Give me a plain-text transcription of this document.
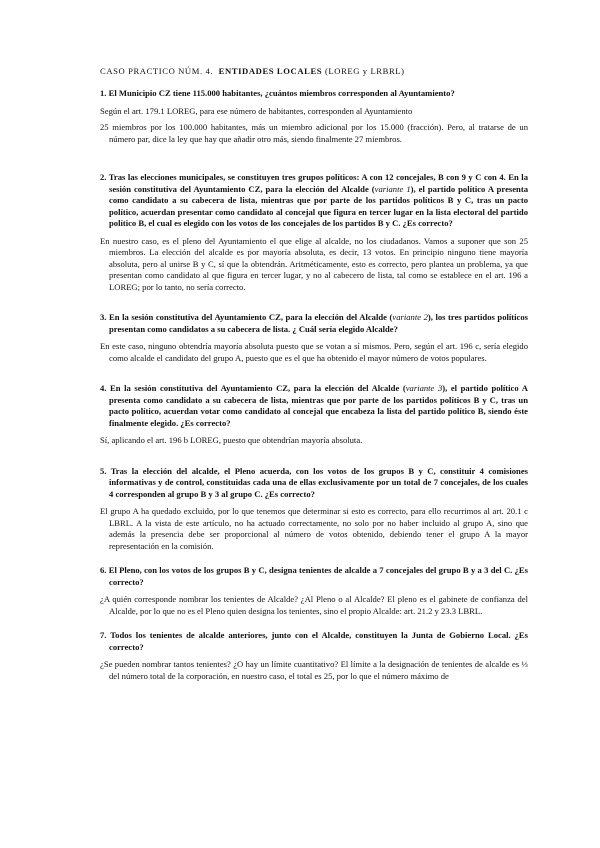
CASO PRACTICO NÚM. 4. ENTIDADES LOCALES (LOREG y LRBRL)

1. El Municipio CZ tiene 115.000 habitantes, ¿cuántos miembros corresponden al Ayuntamiento?

Según el art. 179.1 LOREG, para ese número de habitantes, corresponden al Ayuntamiento

25 miembros por los 100.000 habitantes, más un miembro adicional por los 15.000 (fracción). Pero, al tratarse de un número par, dice la ley que hay que añadir otro más, siendo finalmente 27 miembros.

2. Tras las elecciones municipales, se constituyen tres grupos políticos: A con 12 concejales, B con 9 y C con 4. En la sesión constitutiva del Ayuntamiento CZ, para la elección del Alcalde (variante 1), el partido político A presenta como candidato a su cabecera de lista, mientras que por parte de los partidos políticos B y C, tras un pacto político, acuerdan presentar como candidato al concejal que figura en tercer lugar en la lista electoral del partido político B, el cual es elegido con los votos de los concejales de los partidos B y C. ¿Es correcto?

En nuestro caso, es el pleno del Ayuntamiento el que elige al alcalde, no los ciudadanos. Vamos a suponer que son 25 miembros. La elección del alcalde es por mayoría absoluta, es decir, 13 votos. En principio ninguno tiene mayoría absoluta, pero al unirse B y C, sí que la obtendrán. Aritméticamente, esto es correcto, pero plantea un problema, ya que presentan como candidato al que figura en tercer lugar, y no al cabecero de lista, tal como se establece en el art. 196 a LOREG; por lo tanto, no sería correcto.

3. En la sesión constitutiva del Ayuntamiento CZ, para la elección del Alcalde (variante 2), los tres partidos políticos presentan como candidatos a su cabecera de lista. ¿ Cuál sería elegido Alcalde?

En este caso, ninguno obtendría mayoría absoluta puesto que se votan a sí mismos. Pero, según el art. 196 c, sería elegido como alcalde el candidato del grupo A, puesto que es el que ha obtenido el mayor número de votos populares.

4. En la sesión constitutiva del Ayuntamiento CZ, para la elección del Alcalde (variante 3), el partido político A presenta como candidato a su cabecera de lista, mientras que por parte de los partidos políticos B y C, tras un pacto político, acuerdan votar como candidato al concejal que encabeza la lista del partido político B, siendo éste finalmente elegido. ¿Es correcto?

Sí, aplicando el art. 196 b LOREG, puesto que obtendrían mayoría absoluta.

5. Tras la elección del alcalde, el Pleno acuerda, con los votos de los grupos B y C, constituir 4 comisiones informativas y de control, constituidas cada una de ellas exclusivamente por un total de 7 concejales, de los cuales 4 corresponden al grupo B y 3 al grupo C. ¿Es correcto?

El grupo A ha quedado excluido, por lo que tenemos que determinar si esto es correcto, para ello recurrimos al art. 20.1 c LBRL. A la vista de este artículo, no ha actuado correctamente, no solo por no haber incluido al grupo A, sino que además la presencia debe ser proporcional al número de votos obtenido, debiendo tener el grupo A la mayor representación en la comisión.

6. El Pleno, con los votos de los grupos B y C, designa tenientes de alcalde a 7 concejales del grupo B y a 3 del C. ¿Es correcto?

¿A quién corresponde nombrar los tenientes de Alcalde? ¿Al Pleno o al Alcalde? El pleno es el gabinete de confianza del Alcalde, por lo que no es el Pleno quien designa los tenientes, sino el propio Alcalde: art. 21.2 y 23.3 LBRL.

7. Todos los tenientes de alcalde anteriores, junto con el Alcalde, constituyen la Junta de Gobierno Local. ¿Es correcto?

¿Se pueden nombrar tantos tenientes? ¿O hay un límite cuantitativo? El límite a la designación de tenientes de alcalde es ⅓ del número total de la corporación, en nuestro caso, el total es 25, por lo que el número máximo de
